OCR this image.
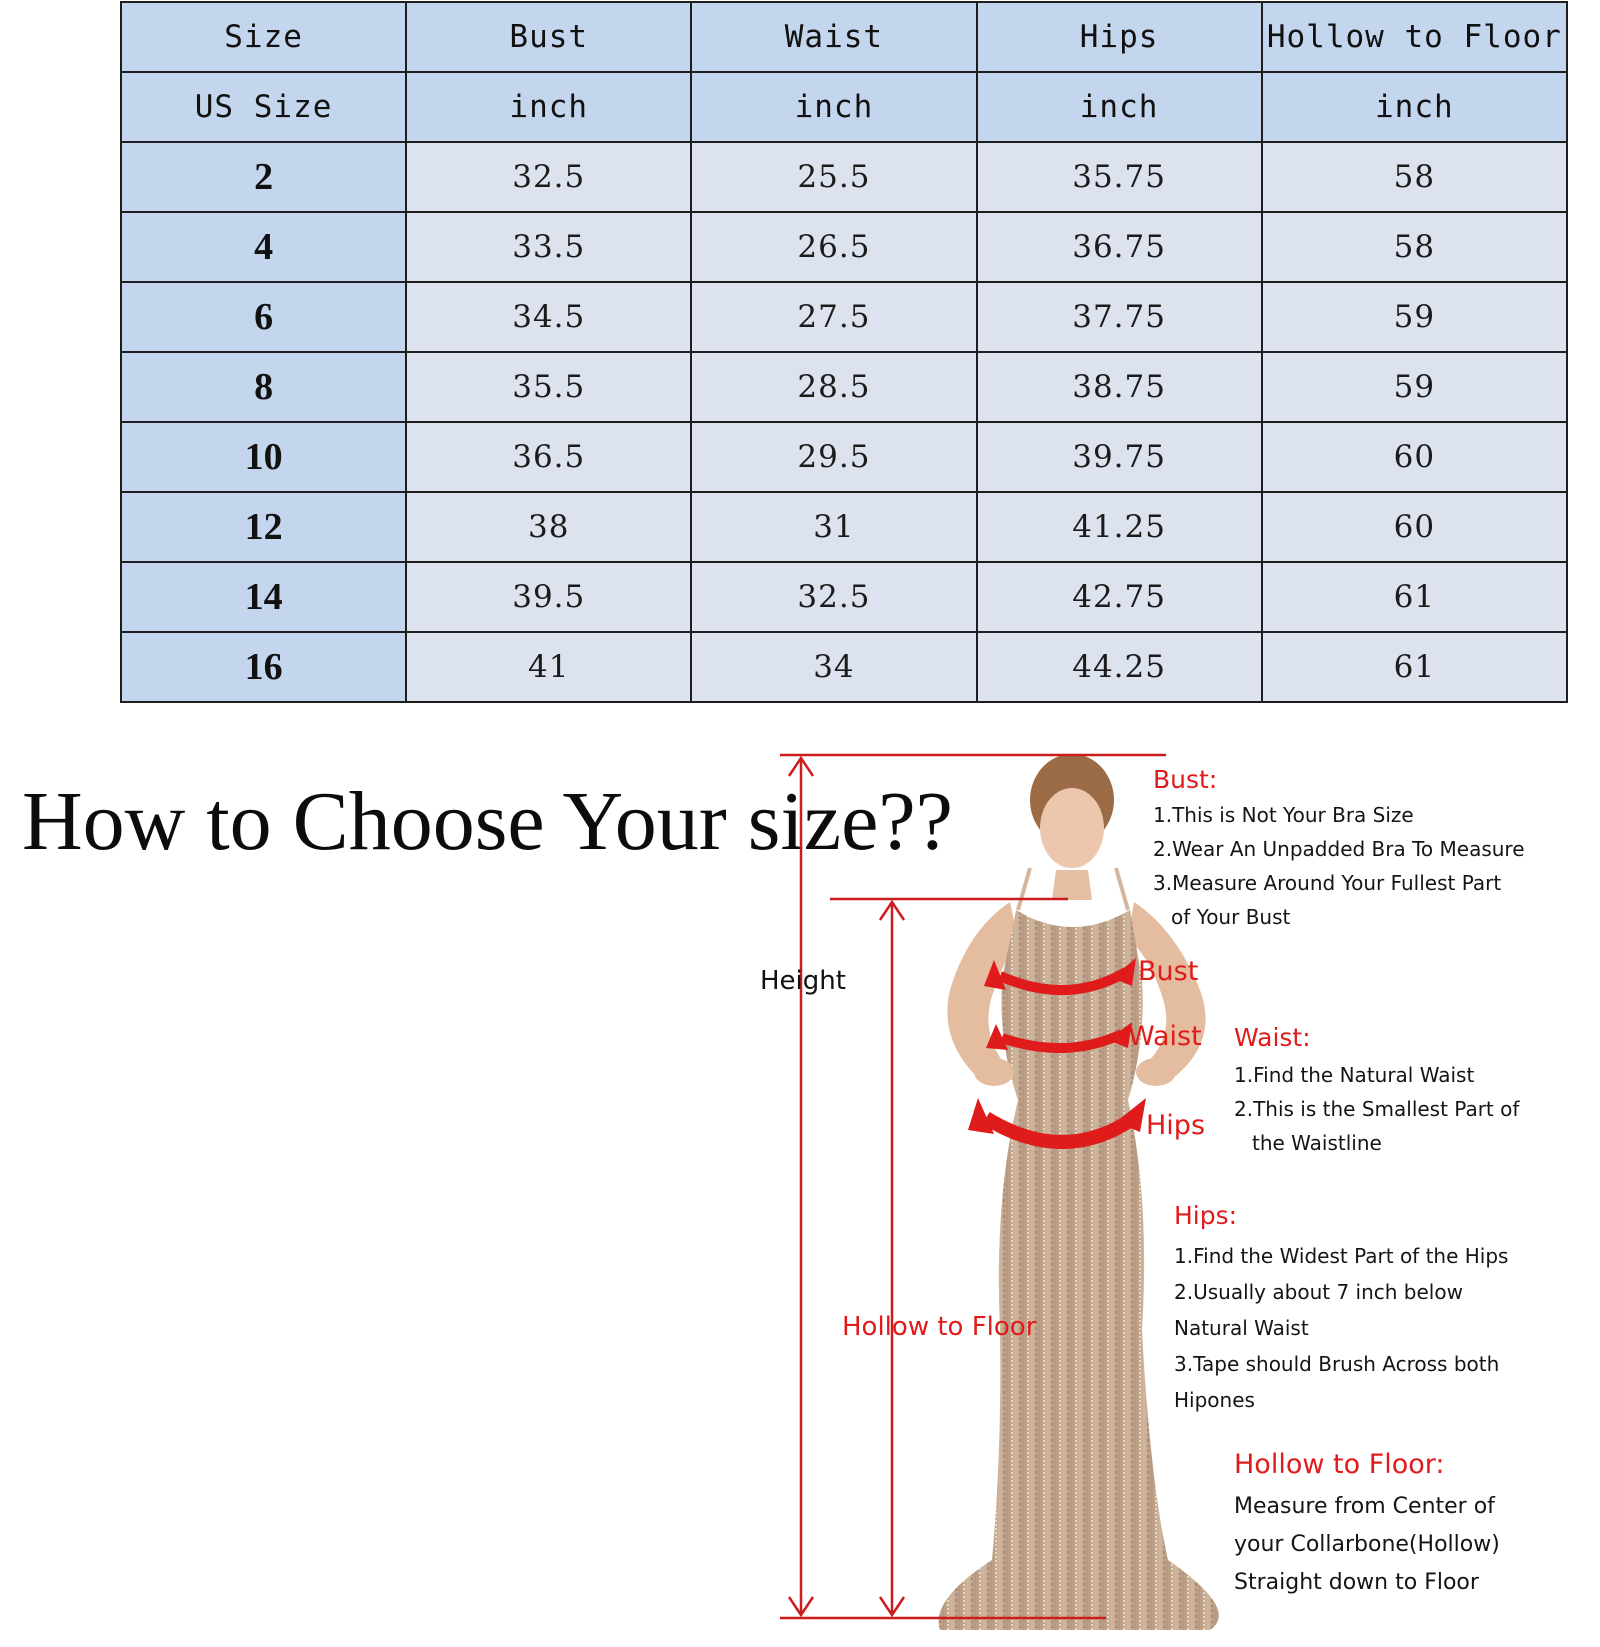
Size	Bust	Waist	Hips	Hollow to Floor
US Size	inch	inch	inch	inch
2	32.5	25.5	35.75	58
4	33.5	26.5	36.75	58
6	34.5	27.5	37.75	59
8	35.5	28.5	38.75	59
10	36.5	29.5	39.75	60
12	38	31	41.25	60
14	39.5	32.5	42.75	61
16	41	34	44.25	61
How to Choose Your size??
Height
Hollow to Floor
Bust
Waist
Hips
Bust:
1.This is Not Your Bra Size
2.Wear An Unpadded Bra To Measure
3.Measure Around Your Fullest Part
of Your Bust
Waist:
1.Find the Natural Waist
2.This is the Smallest Part of
the Waistline
Hips:
1.Find the Widest Part of the Hips
2.Usually about 7 inch below
Natural Waist
3.Tape should Brush Across both
Hipones
Hollow to Floor:
Measure from Center of
your Collarbone(Hollow)
Straight down to Floor
